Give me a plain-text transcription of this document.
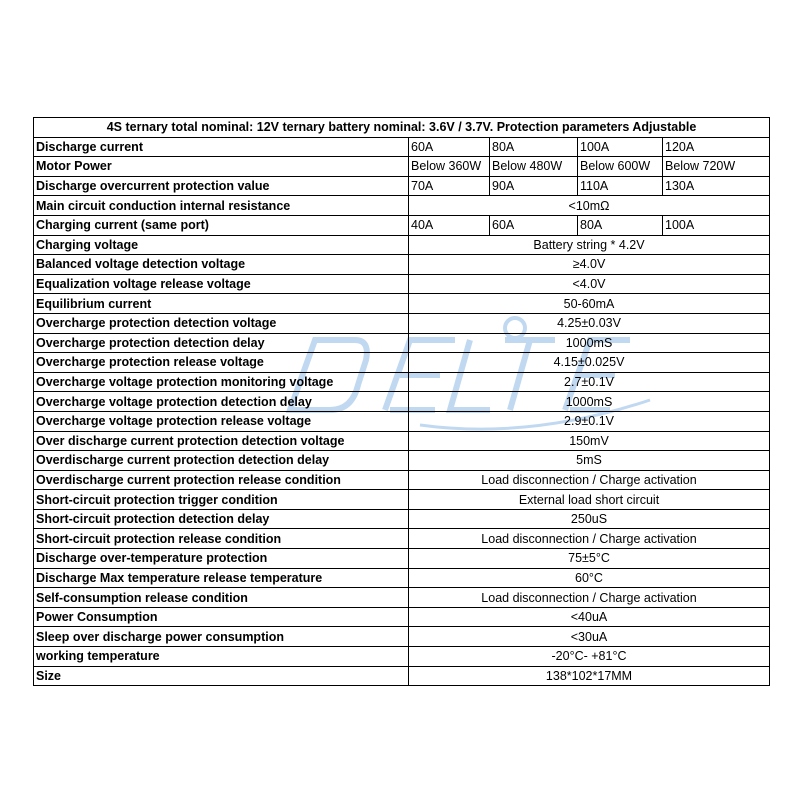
4S ternary total nominal: 12V ternary battery nominal: 3.6V / 3.7V. Protection parameters Adjustable				
Discharge current	60A	80A	100A	120A
Motor Power	Below 360W	Below 480W	Below 600W	Below 720W
Discharge overcurrent protection value	70A	90A	110A	130A
Main circuit conduction internal resistance	<10mΩ			
Charging current (same port)	40A	60A	80A	100A
Charging voltage	Battery string * 4.2V			
Balanced voltage detection voltage	≥4.0V			
Equalization voltage release voltage	<4.0V			
Equilibrium current	50-60mA			
Overcharge protection detection voltage	4.25±0.03V			
Overcharge protection detection delay	1000mS			
Overcharge protection release voltage	4.15±0.025V			
Overcharge voltage protection monitoring voltage	2.7±0.1V			
Overcharge voltage protection detection delay	1000mS			
Overcharge voltage protection release voltage	2.9±0.1V			
Over discharge current protection detection voltage	150mV			
Overdischarge current protection detection delay	5mS			
Overdischarge current protection release condition	Load disconnection / Charge activation			
Short-circuit protection trigger condition	External load short circuit			
Short-circuit protection detection delay	250uS			
Short-circuit protection release condition	Load disconnection / Charge activation			
Discharge over-temperature protection	75±5°C			
Discharge Max temperature release temperature	60°C			
Self-consumption release condition	Load disconnection / Charge activation			
Power Consumption	<40uA			
Sleep over discharge power consumption	<30uA			
working temperature	-20°C- +81°C			
Size	138*102*17MM			
